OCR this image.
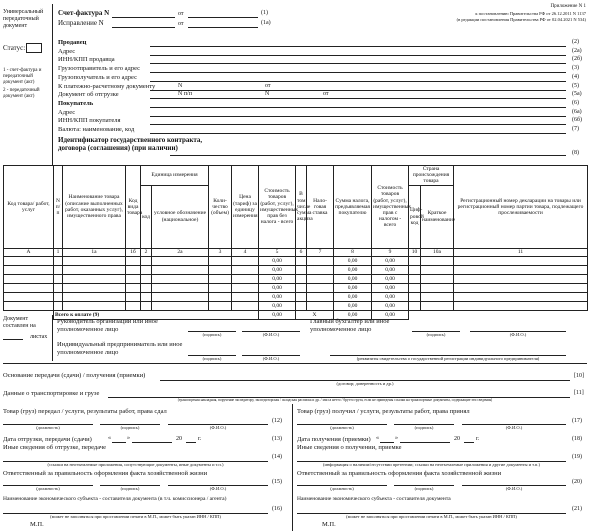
Универсальный передаточный документ
Статус:
1 - счет-фактура и передаточный документ (акт)
2 - передаточный документ (акт)
Счет-фактура N	от	(1)
Исправление N	от	(1а)
Приложение N 1
к постановлению Правительства РФ от 26.12.2011 N 1137
(в редакции постановления Правительства РФ от 02.04.2021 N 534)
Продавец	(2)
Адрес	(2а)
ИНН/КПП продавца	(2б)
Грузоотправитель и его адрес	(3)
Грузополучатель и его адрес	(4)
К платежно-расчетному документу	(5)
Документ об отгрузке	(5а)
Покупатель	(6)
Адрес	(6а)
ИНН/КПП покупателя	(6б)
Валюта: наименование, код	(7)
N	от
N п/п	от
N
Идентификатор государственного контракта, договора (соглашения) (при наличии)
(8)
Код товара/ работ, услуг	N п/п	Наименование товара (описание выполненных работ, оказанных услуг), имущественного права	Код вида товара	Единица измерения		Коли-чество (объем)	Цена (тариф) за единицу измерения	Стоимость товаров (работ, услуг), имущественных прав без налога - всего	В том числе сумма акциза	Нало-говая ставка	Сумма налога, предъявляемая покупателю	Стоимость товаров (работ, услуг), имущественных прав с налогом - всего	Страна происхождения товара		Регистрационный номер декларации на товары или регистрационный номер партии товара, подлежащего прослеживаемости
				код	условное обозначение (национальное)								Циф-ровой код	Краткое наименование	
А	1	1а	1б	2	2а	3	4	5	6	7	8	9	10	10а	11
								0,00			0,00	0,00			
								0,00			0,00	0,00			
								0,00			0,00	0,00			
								0,00			0,00	0,00			
								0,00			0,00	0,00			
								0,00			0,00	0,00			
	Всего к оплате (9)							0,00	X		0,00	0,00			
Документ составлен на
листах
Руководитель организации или иное уполномоченное лицо
(подпись)	(Ф.И.О.)
Главный бухгалтер или иное уполномоченное лицо
(подпись)	(Ф.И.О.)
Индивидуальный предприниматель или иное уполномоченное лицо
(подпись)	(Ф.И.О.)	(реквизиты свидетельства о государственной регистрации индивидуального предпринимателя)
Основание передачи (сдачи) / получения (приемки)	[10]
(договор; доверенность и др.)
Данные о транспортировке и грузе	[11]
(транспортная накладная, поручение экспедитору, экспедиторская / складская расписка и др. / масса нетто / брутто груза, если не приведены ссылки на транспортные документы, содержащие эти сведения)
Товар (груз) передал / услуги, результаты работ, права сдал
(12)
(должность)	(подпись)	(Ф.И.О.)
Дата отгрузки, передачи (сдачи)	«	»	20	г.	(13)
Иные сведения об отгрузке, передаче
(14)
(ссылки на неотъемлемые приложения, сопутствующие документы, иные документы и т.п.)
Ответственный за правильность оформления факта хозяйственной жизни
(15)
(должность)	(подпись)	(Ф.И.О.)
Наименование экономического субъекта - составителя документа (в т.ч. комиссионера / агента)
(16)
(может не заполняться при проставлении печати в М.П., может быть указан ИНН / КПП)
М.П.
Товар (груз) получил / услуги, результаты работ, права принял
(17)
(должность)	(подпись)	(Ф.И.О.)
Дата получения (приемки) «	»	20	г.	(18)
Иные сведения о получении, приемке
(19)
(информация о наличии/отсутствии претензии; ссылки на неотъемлемые приложения и другие документы и т.п.)
Ответственный за правильность оформления факта хозяйственной жизни
(20)
(должность)	(подпись)	(Ф.И.О.)
Наименование экономического субъекта - составителя документа
(21)
(может не заполняться при проставлении печати в М.П., может быть указан ИНН / КПП)
М.П.
